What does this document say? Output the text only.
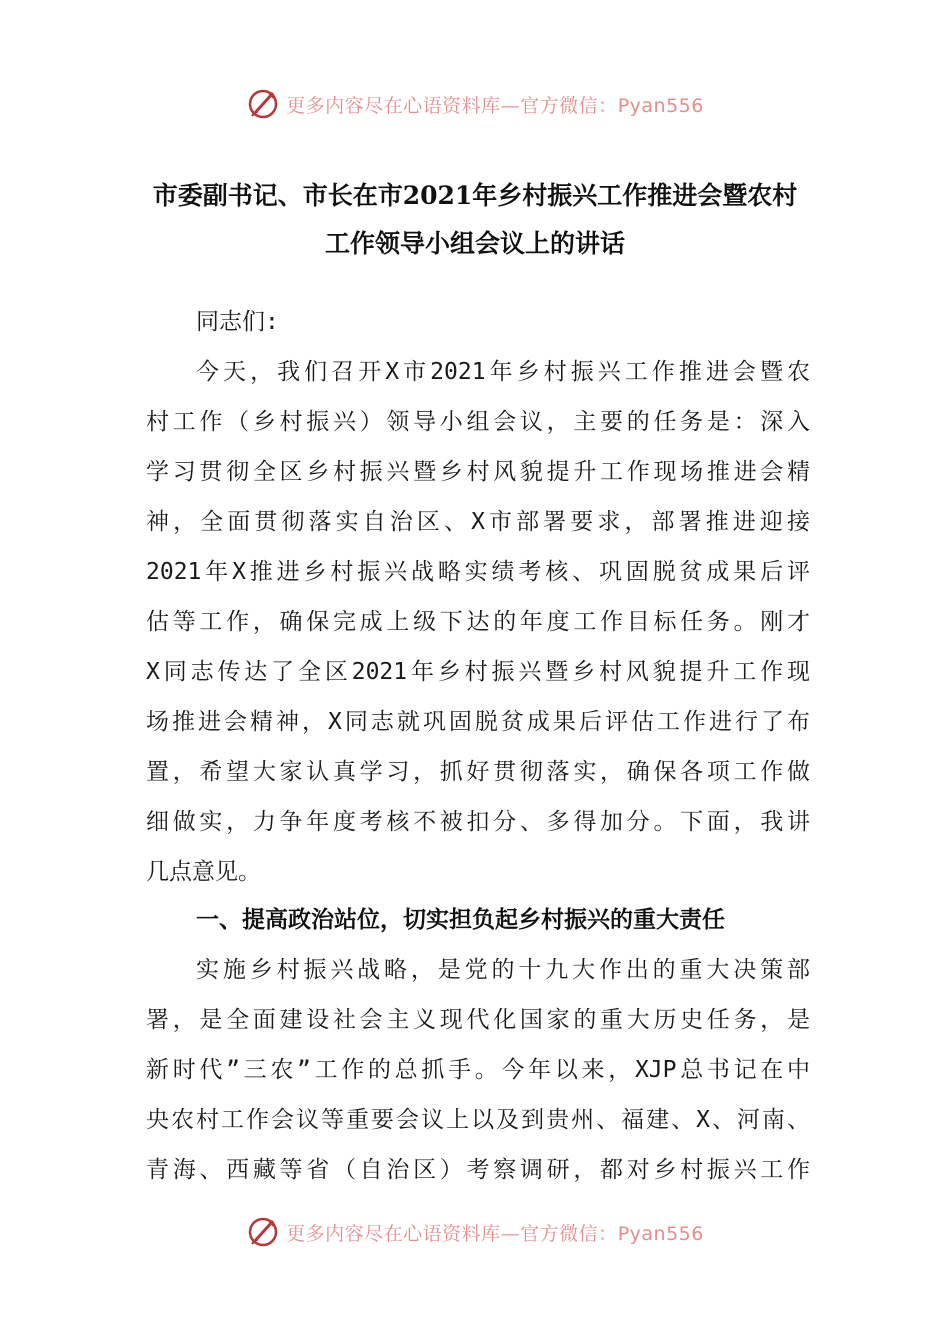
更多内容尽在心语资料库—官方微信：Pyan556
市委副书记、市长在市2021年乡村振兴工作推进会暨农村
工作领导小组会议上的讲话
同志们:
今天，我们召开X市2021年乡村振兴工作推进会暨农
村工作（乡村振兴）领导小组会议，主要的任务是：深入
学习贯彻全区乡村振兴暨乡村风貌提升工作现场推进会精
神，全面贯彻落实自治区、X市部署要求，部署推进迎接
2021年X推进乡村振兴战略实绩考核、巩固脱贫成果后评
估等工作，确保完成上级下达的年度工作目标任务。刚才
X同志传达了全区2021年乡村振兴暨乡村风貌提升工作现
场推进会精神，X同志就巩固脱贫成果后评估工作进行了布
置，希望大家认真学习，抓好贯彻落实，确保各项工作做
细做实，力争年度考核不被扣分、多得加分。下面，我讲
几点意见。
一、提高政治站位，切实担负起乡村振兴的重大责任
实施乡村振兴战略，是党的十九大作出的重大决策部
署，是全面建设社会主义现代化国家的重大历史任务，是
新时代”三农”工作的总抓手。今年以来，XJP总书记在中
央农村工作会议等重要会议上以及到贵州、福建、X、河南、
青海、西藏等省（自治区）考察调研，都对乡村振兴工作
更多内容尽在心语资料库—官方微信：Pyan556
